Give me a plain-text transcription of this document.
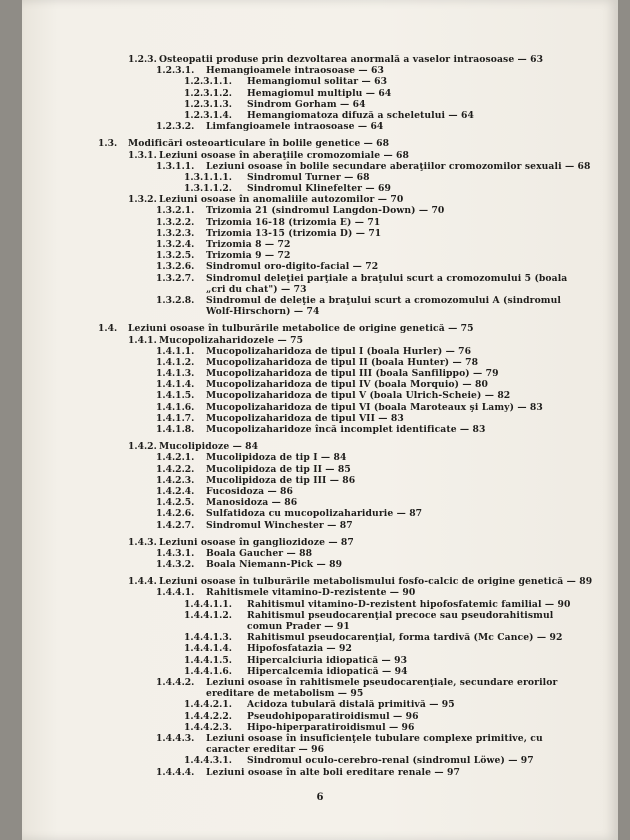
1.2.3. Osteopatii produse prin dezvoltarea anormală a vaselor intraosoase — 63
1.2.3.1. Hemangioamele intraosoase — 63
1.2.3.1.1. Hemangiomul solitar — 63
1.2.3.1.2. Hemagiomul multiplu — 64
1.2.3.1.3. Sindrom Gorham — 64
1.2.3.1.4. Hemangiomatoza difuză a scheletului — 64
1.2.3.2. Limfangioamele intraosoase — 64
1.3. Modificări osteoarticulare în bolile genetice — 68
1.3.1. Leziuni osoase în aberaţiile cromozomiale — 68
1.3.1.1. Leziuni osoase în bolile secundare aberaţiilor cromozomilor sexuali — 68
1.3.1.1.1. Sindromul Turner — 68
1.3.1.1.2. Sindromul Klinefelter — 69
1.3.2. Leziuni osoase în anomaliile autozomilor — 70
1.3.2.1. Trizomia 21 (sindromul Langdon-Down) — 70
1.3.2.2. Trizomia 16-18 (trizomia E) — 71
1.3.2.3. Trizomia 13-15 (trizomia D) — 71
1.3.2.4. Trizomia 8 — 72
1.3.2.5. Trizomia 9 — 72
1.3.2.6. Sindromul oro-digito-facial — 72
1.3.2.7. Sindromul deleţiei parţiale a braţului scurt a cromozomului 5 (boala „cri du chat") — 73
1.3.2.8. Sindromul de deleţie a braţului scurt a cromozomului A (sindromul Wolf-Hirschorn) — 74
1.4. Leziuni osoase în tulburările metabolice de origine genetică — 75
1.4.1. Mucopolizaharidozele — 75
1.4.1.1. Mucopolizaharidoza de tipul I (boala Hurler) — 76
1.4.1.2. Mucopolizaharidoza de tipul II (boala Hunter) — 78
1.4.1.3. Mucopolizaharidoza de tipul III (boala Sanfilippo) — 79
1.4.1.4. Mucopolizaharidoza de tipul IV (boala Morquio) — 80
1.4.1.5. Mucopolizaharidoza de tipul V (boala Ulrich-Scheie) — 82
1.4.1.6. Mucopolizaharidoza de tipul VI (boala Maroteaux şi Lamy) — 83
1.4.1.7. Mucopolizaharidoza de tipul VII — 83
1.4.1.8. Mucopolizaharidoze încă incomplet identificate — 83
1.4.2. Mucolipidoze — 84
1.4.2.1. Mucolipidoza de tip I — 84
1.4.2.2. Mucolipidoza de tip II — 85
1.4.2.3. Mucolipidoza de tip III — 86
1.4.2.4. Fucosidoza — 86
1.4.2.5. Manosidoza — 86
1.4.2.6. Sulfatidoza cu mucopolizaharidurie — 87
1.4.2.7. Sindromul Winchester — 87
1.4.3. Leziuni osoase în gangliozidoze — 87
1.4.3.1. Boala Gaucher — 88
1.4.3.2. Boala Niemann-Pick — 89
1.4.4. Leziuni osoase în tulburările metabolismului fosfo-calcic de origine genetică — 89
1.4.4.1. Rahitismele vitamino-D-rezistente — 90
1.4.4.1.1. Rahitismul vitamino-D-rezistent hipofosfatemic familial — 90
1.4.4.1.2. Rahitismul pseudocarenţial precoce sau pseudorahitismul comun Prader — 91
1.4.4.1.3. Rahitismul pseudocarenţial, forma tardivă (Mc Cance) — 92
1.4.4.1.4. Hipofosfatazia — 92
1.4.4.1.5. Hipercalciuria idiopatică — 93
1.4.4.1.6. Hipercalcemia idiopatică — 94
1.4.4.2. Leziuni osoase în rahitismele pseudocarenţiale, secundare erorilor ereditare de metabolism — 95
1.4.4.2.1. Acidoza tubulară distală primitivă — 95
1.4.4.2.2. Pseudohipoparatiroidismul — 96
1.4.4.2.3. Hipo-hiperparatiroidismul — 96
1.4.4.3. Leziuni osoase în insuficienţele tubulare complexe primitive, cu caracter ereditar — 96
1.4.4.3.1. Sindromul oculo-cerebro-renal (sindromul Löwe) — 97
1.4.4.4. Leziuni osoase în alte boli ereditare renale — 97
6
